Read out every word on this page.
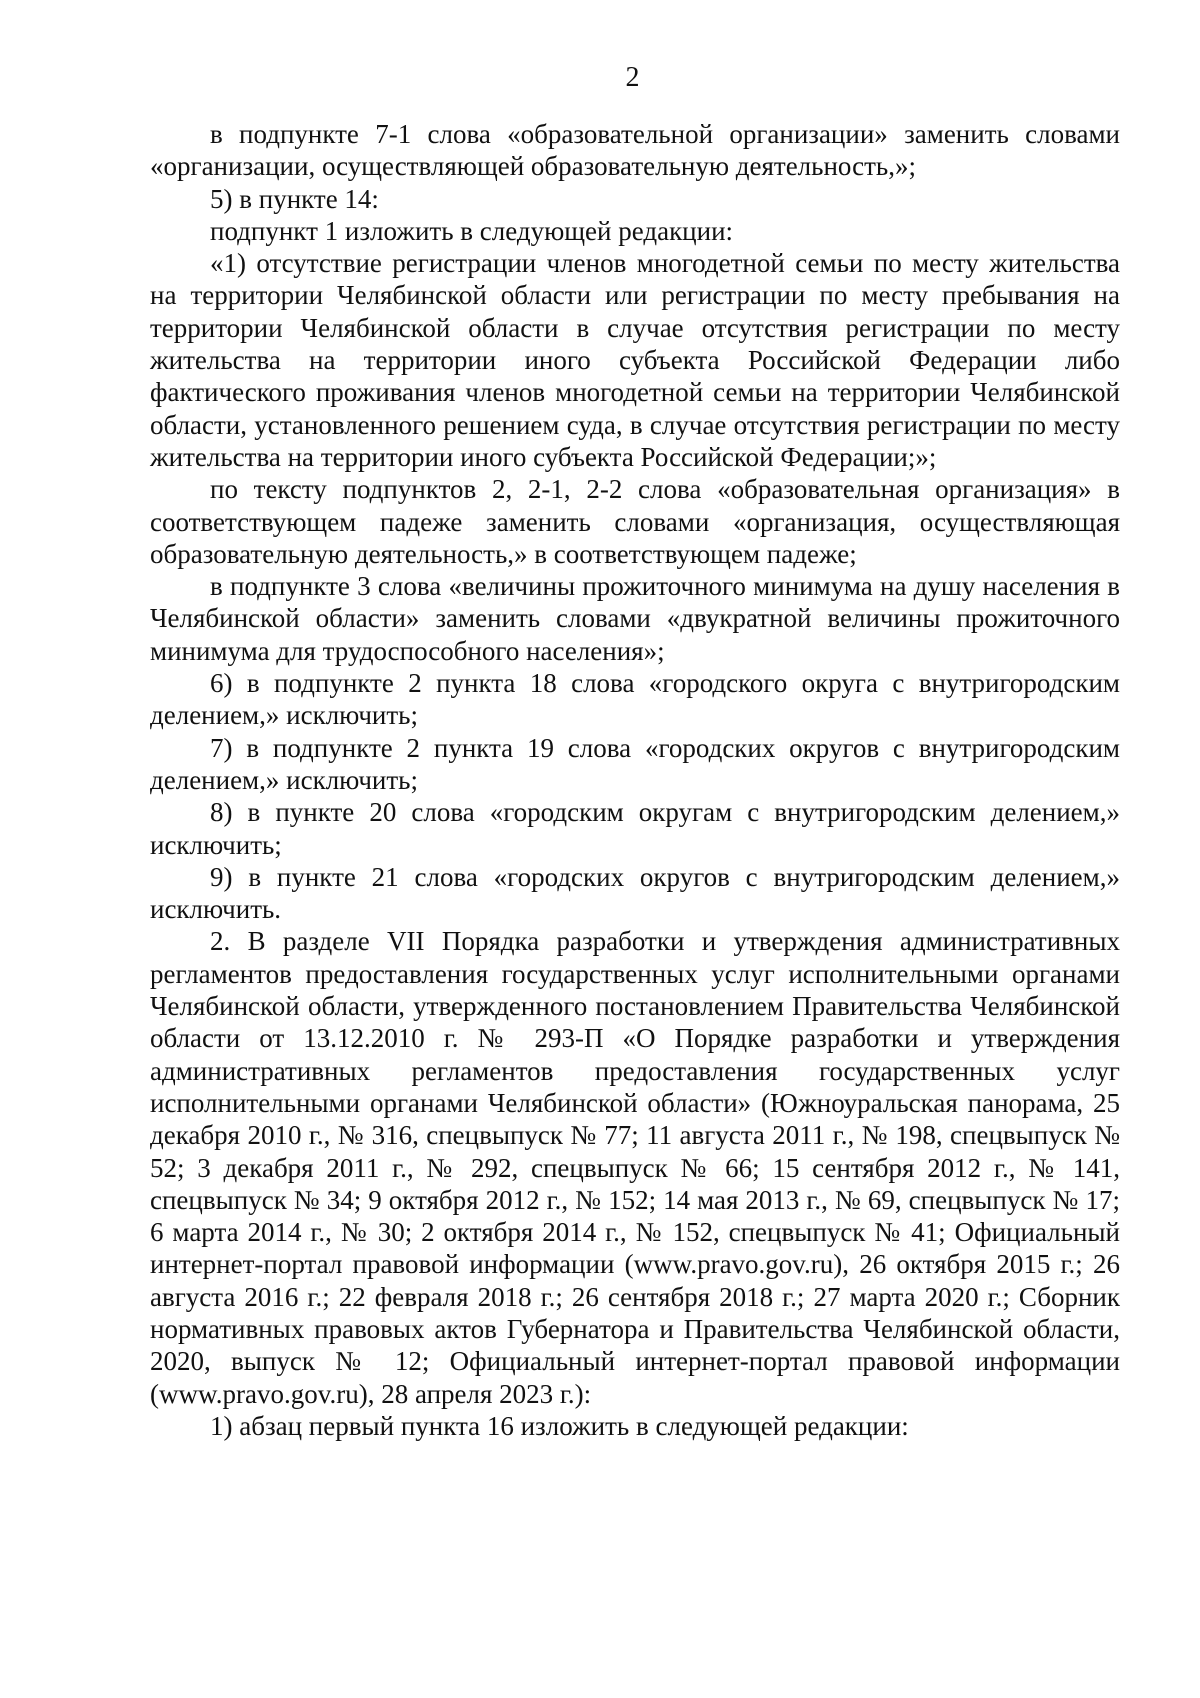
2

в подпункте 7-1 слова «образовательной организации» заменить словами «организации, осуществляющей образовательную деятельность,»;

5) в пункте 14:

подпункт 1 изложить в следующей редакции:

«1) отсутствие регистрации членов многодетной семьи по месту жительства на территории Челябинской области или регистрации по месту пребывания на территории Челябинской области в случае отсутствия регистрации по месту жительства на территории иного субъекта Российской Федерации либо фактического проживания членов многодетной семьи на территории Челябинской области, установленного решением суда, в случае отсутствия регистрации по месту жительства на территории иного субъекта Российской Федерации;»;

по тексту подпунктов 2, 2-1, 2-2 слова «образовательная организация» в соответствующем падеже заменить словами «организация, осуществляющая образовательную деятельность,» в соответствующем падеже;

в подпункте 3 слова «величины прожиточного минимума на душу населения в Челябинской области» заменить словами «двукратной величины прожиточного минимума для трудоспособного населения»;

6) в подпункте 2 пункта 18 слова «городского округа с внутригородским делением,» исключить;

7) в подпункте 2 пункта 19 слова «городских округов с внутригородским делением,» исключить;

8) в пункте 20 слова «городским округам с внутригородским делением,» исключить;

9) в пункте 21 слова «городских округов с внутригородским делением,» исключить.

2. В разделе VII Порядка разработки и утверждения административных регламентов предоставления государственных услуг исполнительными органами Челябинской области, утвержденного постановлением Правительства Челябинской области от 13.12.2010 г. № 293-П «О Порядке разработки и утверждения административных регламентов предоставления государственных услуг исполнительными органами Челябинской области» (Южноуральская панорама, 25 декабря 2010 г., № 316, спецвыпуск № 77; 11 августа 2011 г., № 198, спецвыпуск № 52; 3 декабря 2011 г., № 292, спецвыпуск № 66; 15 сентября 2012 г., № 141, спецвыпуск № 34; 9 октября 2012 г., № 152; 14 мая 2013 г., № 69, спецвыпуск № 17; 6 марта 2014 г., № 30; 2 октября 2014 г., № 152, спецвыпуск № 41; Официальный интернет-портал правовой информации (www.pravo.gov.ru), 26 октября 2015 г.; 26 августа 2016 г.; 22 февраля 2018 г.; 26 сентября 2018 г.; 27 марта 2020 г.; Сборник нормативных правовых актов Губернатора и Правительства Челябинской области, 2020, выпуск № 12; Официальный интернет-портал правовой информации (www.pravo.gov.ru), 28 апреля 2023 г.):

1) абзац первый пункта 16 изложить в следующей редакции:
